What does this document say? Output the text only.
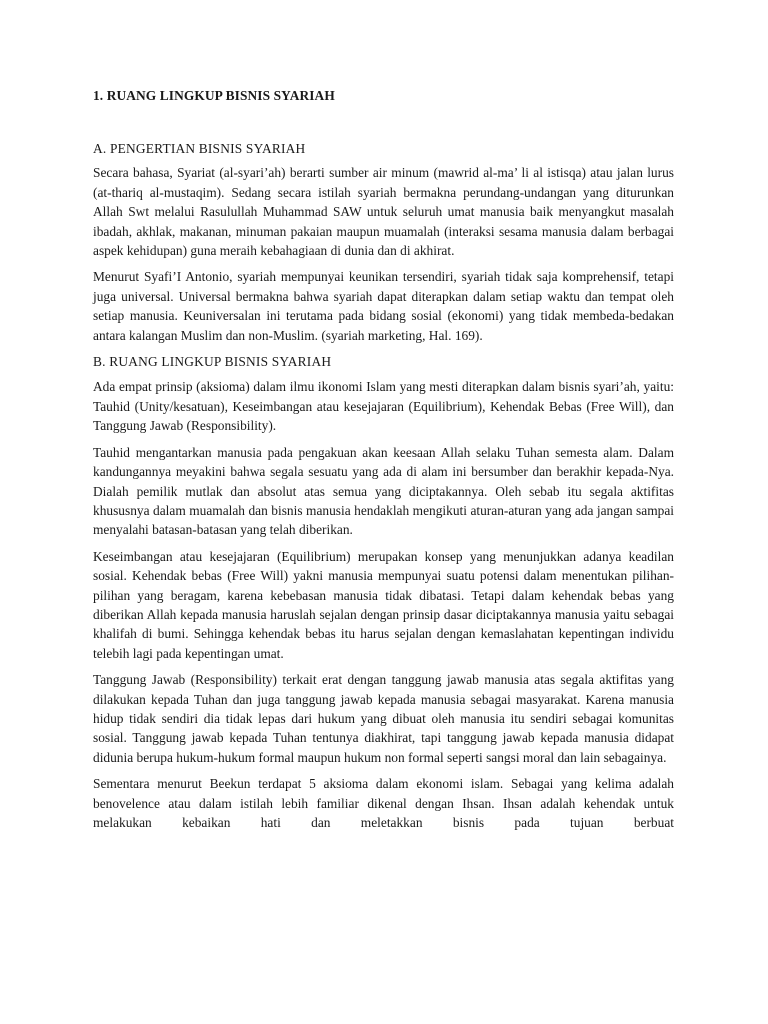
1. RUANG LINGKUP BISNIS SYARIAH

A. PENGERTIAN BISNIS SYARIAH

Secara bahasa, Syariat (al-syari’ah) berarti sumber air minum (mawrid al-ma’ li al istisqa) atau jalan lurus (at-thariq al-mustaqim). Sedang secara istilah syariah bermakna perundang-undangan yang diturunkan Allah Swt melalui Rasulullah Muhammad SAW untuk seluruh umat manusia baik menyangkut masalah ibadah, akhlak, makanan, minuman pakaian maupun muamalah (interaksi sesama manusia dalam berbagai aspek kehidupan) guna meraih kebahagiaan di dunia dan di akhirat.

Menurut Syafi’I Antonio, syariah mempunyai keunikan tersendiri, syariah tidak saja komprehensif, tetapi juga universal. Universal bermakna bahwa syariah dapat diterapkan dalam setiap waktu dan tempat oleh setiap manusia. Keuniversalan ini terutama pada bidang sosial (ekonomi) yang tidak membeda-bedakan antara kalangan Muslim dan non-Muslim. (syariah marketing, Hal. 169).

B. RUANG LINGKUP BISNIS SYARIAH

Ada empat prinsip (aksioma) dalam ilmu ikonomi Islam yang mesti diterapkan dalam bisnis syari’ah, yaitu: Tauhid (Unity/kesatuan), Keseimbangan atau kesejajaran (Equilibrium), Kehendak Bebas (Free Will), dan Tanggung Jawab (Responsibility).

Tauhid mengantarkan manusia pada pengakuan akan keesaan Allah selaku Tuhan semesta alam. Dalam kandungannya meyakini bahwa segala sesuatu yang ada di alam ini bersumber dan berakhir kepada-Nya. Dialah pemilik mutlak dan absolut atas semua yang diciptakannya. Oleh sebab itu segala aktifitas khususnya dalam muamalah dan bisnis manusia hendaklah mengikuti aturan-aturan yang ada jangan sampai menyalahi batasan-batasan yang telah diberikan.

Keseimbangan atau kesejajaran (Equilibrium) merupakan konsep yang menunjukkan adanya keadilan sosial. Kehendak bebas (Free Will) yakni manusia mempunyai suatu potensi dalam menentukan pilihan-pilihan yang beragam, karena kebebasan manusia tidak dibatasi. Tetapi dalam kehendak bebas yang diberikan Allah kepada manusia haruslah sejalan dengan prinsip dasar diciptakannya manusia yaitu sebagai khalifah di bumi. Sehingga kehendak bebas itu harus sejalan dengan kemaslahatan kepentingan individu telebih lagi pada kepentingan umat.

Tanggung Jawab (Responsibility) terkait erat dengan tanggung jawab manusia atas segala aktifitas yang dilakukan kepada Tuhan dan juga tanggung jawab kepada manusia sebagai masyarakat. Karena manusia hidup tidak sendiri dia tidak lepas dari hukum yang dibuat oleh manusia itu sendiri sebagai komunitas sosial. Tanggung jawab kepada Tuhan tentunya diakhirat, tapi tanggung jawab kepada manusia didapat didunia berupa hukum-hukum formal maupun hukum non formal seperti sangsi moral dan lain sebagainya.

Sementara menurut Beekun terdapat 5 aksioma dalam ekonomi islam. Sebagai yang kelima adalah benovelence atau dalam istilah lebih familiar dikenal dengan Ihsan. Ihsan adalah kehendak untuk melakukan kebaikan hati dan meletakkan bisnis pada tujuan berbuat
